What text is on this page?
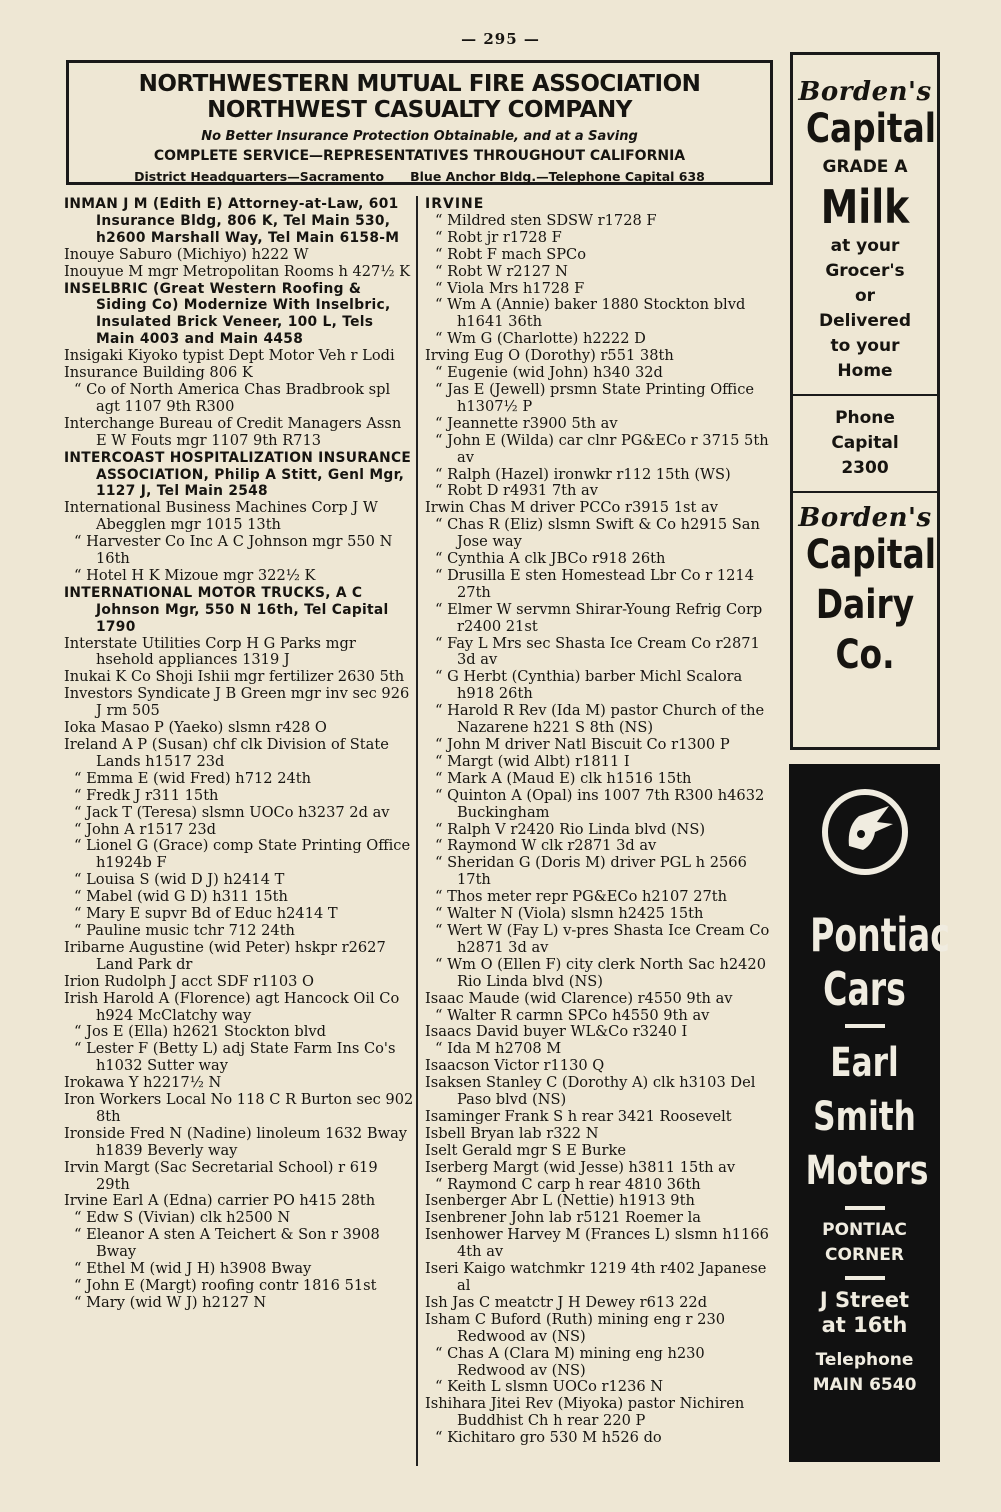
— 295 —
NORTHWESTERN MUTUAL FIRE ASSOCIATION
NORTHWEST CASUALTY COMPANY
No Better Insurance Protection Obtainable, and at a Saving
COMPLETE SERVICE—REPRESENTATIVES THROUGHOUT CALIFORNIA
District Headquarters—Sacramento Blue Anchor Bldg.—Telephone Capital 638

INMAN J M (Edith E) Attorney-at-Law, 601 Insurance Bldg, 806 K, Tel Main 530, h2600 Marshall Way, Tel Main 6158-M

Inouye Saburo (Michiyo) h222 W

Inouyue M mgr Metropolitan Rooms h 427½ K

INSELBRIC (Great Western Roofing & Siding Co) Modernize With Inselbric, Insulated Brick Veneer, 100 L, Tels Main 4003 and Main 4458

Insigaki Kiyoko typist Dept Motor Veh r Lodi

Insurance Building 806 K

“ Co of North America Chas Bradbrook spl agt 1107 9th R300

Interchange Bureau of Credit Managers Assn E W Fouts mgr 1107 9th R713

INTERCOAST HOSPITALIZATION INSURANCE ASSOCIATION, Philip A Stitt, Genl Mgr, 1127 J, Tel Main 2548

International Business Machines Corp J W Abegglen mgr 1015 13th

“ Harvester Co Inc A C Johnson mgr 550 N 16th

“ Hotel H K Mizoue mgr 322½ K

INTERNATIONAL MOTOR TRUCKS, A C Johnson Mgr, 550 N 16th, Tel Capital 1790

Interstate Utilities Corp H G Parks mgr hsehold appliances 1319 J

Inukai K Co Shoji Ishii mgr fertilizer 2630 5th

Investors Syndicate J B Green mgr inv sec 926 J rm 505

Ioka Masao P (Yaeko) slsmn r428 O

Ireland A P (Susan) chf clk Division of State Lands h1517 23d

“ Emma E (wid Fred) h712 24th

“ Fredk J r311 15th

“ Jack T (Teresa) slsmn UOCo h3237 2d av

“ John A r1517 23d

“ Lionel G (Grace) comp State Printing Office h1924b F

“ Louisa S (wid D J) h2414 T

“ Mabel (wid G D) h311 15th

“ Mary E supvr Bd of Educ h2414 T

“ Pauline music tchr 712 24th

Iribarne Augustine (wid Peter) hskpr r2627 Land Park dr

Irion Rudolph J acct SDF r1103 O

Irish Harold A (Florence) agt Hancock Oil Co h924 McClatchy way

“ Jos E (Ella) h2621 Stockton blvd

“ Lester F (Betty L) adj State Farm Ins Co's h1032 Sutter way

Irokawa Y h2217½ N

Iron Workers Local No 118 C R Burton sec 902 8th

Ironside Fred N (Nadine) linoleum 1632 Bway h1839 Beverly way

Irvin Margt (Sac Secretarial School) r 619 29th

Irvine Earl A (Edna) carrier PO h415 28th

“ Edw S (Vivian) clk h2500 N

“ Eleanor A sten A Teichert & Son r 3908 Bway

“ Ethel M (wid J H) h3908 Bway

“ John E (Margt) roofing contr 1816 51st

“ Mary (wid W J) h2127 N

IRVINE

“ Mildred sten SDSW r1728 F

“ Robt jr r1728 F

“ Robt F mach SPCo

“ Robt W r2127 N

“ Viola Mrs h1728 F

“ Wm A (Annie) baker 1880 Stockton blvd h1641 36th

“ Wm G (Charlotte) h2222 D

Irving Eug O (Dorothy) r551 38th

“ Eugenie (wid John) h340 32d

“ Jas E (Jewell) prsmn State Printing Office h1307½ P

“ Jeannette r3900 5th av

“ John E (Wilda) car clnr PG&ECo r 3715 5th av

“ Ralph (Hazel) ironwkr r112 15th (WS)

“ Robt D r4931 7th av

Irwin Chas M driver PCCo r3915 1st av

“ Chas R (Eliz) slsmn Swift & Co h2915 San Jose way

“ Cynthia A clk JBCo r918 26th

“ Drusilla E sten Homestead Lbr Co r 1214 27th

“ Elmer W servmn Shirar-Young Refrig Corp r2400 21st

“ Fay L Mrs sec Shasta Ice Cream Co r2871 3d av

“ G Herbt (Cynthia) barber Michl Scalora h918 26th

“ Harold R Rev (Ida M) pastor Church of the Nazarene h221 S 8th (NS)

“ John M driver Natl Biscuit Co r1300 P

“ Margt (wid Albt) r1811 I

“ Mark A (Maud E) clk h1516 15th

“ Quinton A (Opal) ins 1007 7th R300 h4632 Buckingham

“ Ralph V r2420 Rio Linda blvd (NS)

“ Raymond W clk r2871 3d av

“ Sheridan G (Doris M) driver PGL h 2566 17th

“ Thos meter repr PG&ECo h2107 27th

“ Walter N (Viola) slsmn h2425 15th

“ Wert W (Fay L) v-pres Shasta Ice Cream Co h2871 3d av

“ Wm O (Ellen F) city clerk North Sac h2420 Rio Linda blvd (NS)

Isaac Maude (wid Clarence) r4550 9th av

“ Walter R carmn SPCo h4550 9th av

Isaacs David buyer WL&Co r3240 I

“ Ida M h2708 M

Isaacson Victor r1130 Q

Isaksen Stanley C (Dorothy A) clk h3103 Del Paso blvd (NS)

Isaminger Frank S h rear 3421 Roosevelt

Isbell Bryan lab r322 N

Iselt Gerald mgr S E Burke

Iserberg Margt (wid Jesse) h3811 15th av

“ Raymond C carp h rear 4810 36th

Isenberger Abr L (Nettie) h1913 9th

Isenbrener John lab r5121 Roemer la

Isenhower Harvey M (Frances L) slsmn h1166 4th av

Iseri Kaigo watchmkr 1219 4th r402 Japanese al

Ish Jas C meatctr J H Dewey r613 22d

Isham C Buford (Ruth) mining eng r 230 Redwood av (NS)

“ Chas A (Clara M) mining eng h230 Redwood av (NS)

“ Keith L slsmn UOCo r1236 N

Ishihara Jitei Rev (Miyoka) pastor Nichiren Buddhist Ch h rear 220 P

“ Kichitaro gro 530 M h526 do

Borden's
Capital
GRADE A
Milk
at your
Grocer's
or
Delivered
to your
Home
Phone
Capital
2300
Borden's
Capital
Dairy
Co.
Pontiac
Cars
Earl
Smith
Motors
PONTIAC
CORNER
J Street
at 16th
Telephone
MAIN 6540
